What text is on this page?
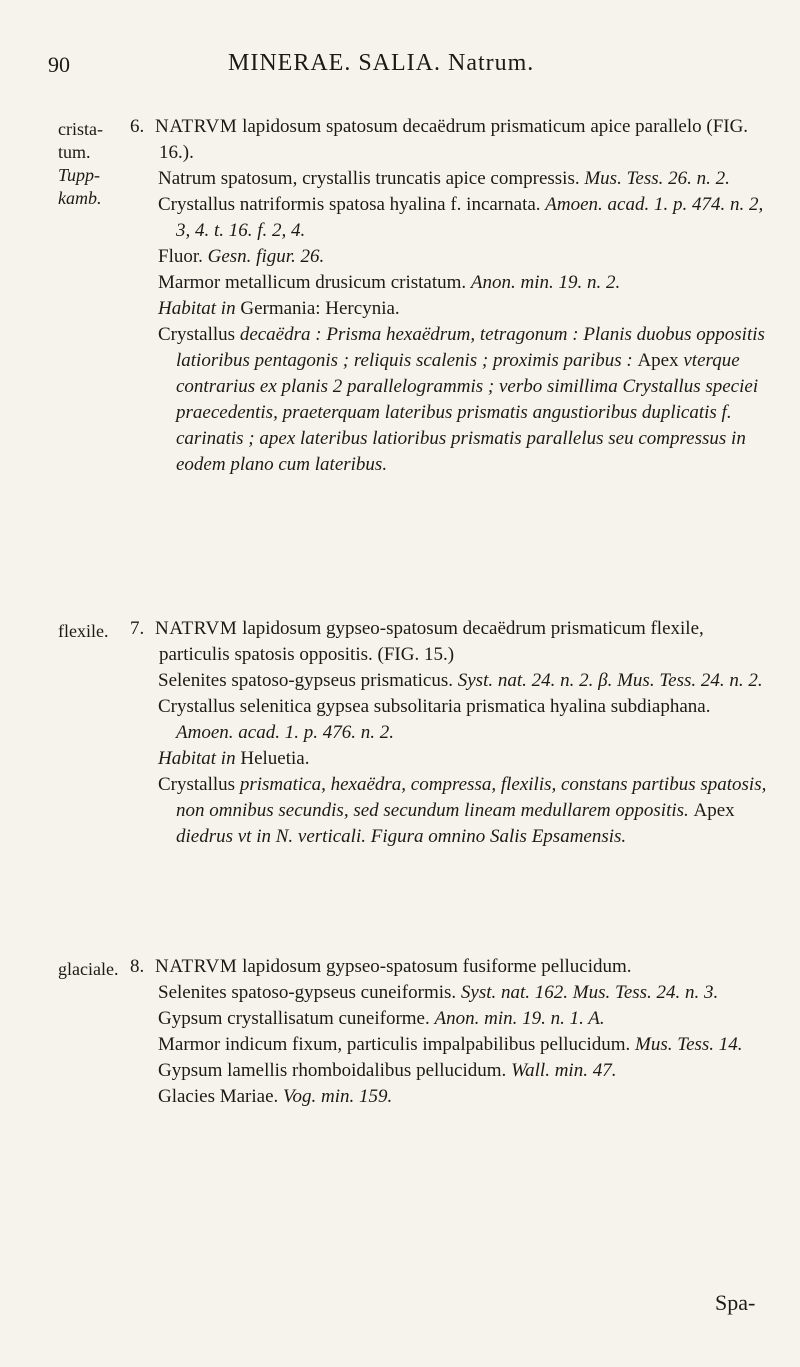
90	MINERAE. SALIA. Natrum.
crista-
tum.
Tupp-
kamb.
flexile.
glaciale.

6. NATRVM lapidosum spatosum decaëdrum prismaticum apice parallelo (FIG. 16.).

Natrum spatosum, crystallis truncatis apice compressis. Mus. Tess. 26. n. 2.

Crystallus natriformis spatosa hyalina f. incarnata. Amoen. acad. 1. p. 474. n. 2, 3, 4. t. 16. f. 2, 4.

Fluor. Gesn. figur. 26.

Marmor metallicum drusicum cristatum. Anon. min. 19. n. 2.

Habitat in Germania: Hercynia.

Crystallus decaëdra : Prisma hexaëdrum, tetragonum : Planis duobus oppositis latioribus pentagonis ; reliquis scalenis ; proximis paribus : Apex vterque contrarius ex planis 2 parallelogrammis ; verbo simillima Crystallus speciei praecedentis, praeterquam lateribus prismatis angustioribus duplicatis f. carinatis ; apex lateribus latioribus prismatis parallelus seu compressus in eodem plano cum lateribus.

7. NATRVM lapidosum gypseo-spatosum decaëdrum prismaticum flexile, particulis spatosis oppositis. (FIG. 15.)

Selenites spatoso-gypseus prismaticus. Syst. nat. 24. n. 2. β. Mus. Tess. 24. n. 2.

Crystallus selenitica gypsea subsolitaria prismatica hyalina subdiaphana. Amoen. acad. 1. p. 476. n. 2.

Habitat in Heluetia.

Crystallus prismatica, hexaëdra, compressa, flexilis, constans partibus spatosis, non omnibus secundis, sed secundum lineam medullarem oppositis. Apex diedrus vt in N. verticali. Figura omnino Salis Epsamensis.

8. NATRVM lapidosum gypseo-spatosum fusiforme pellucidum.

Selenites spatoso-gypseus cuneiformis. Syst. nat. 162. Mus. Tess. 24. n. 3.

Gypsum crystallisatum cuneiforme. Anon. min. 19. n. 1. A.

Marmor indicum fixum, particulis impalpabilibus pellucidum. Mus. Tess. 14.

Gypsum lamellis rhomboidalibus pellucidum. Wall. min. 47.

Glacies Mariae. Vog. min. 159.

Spa-
